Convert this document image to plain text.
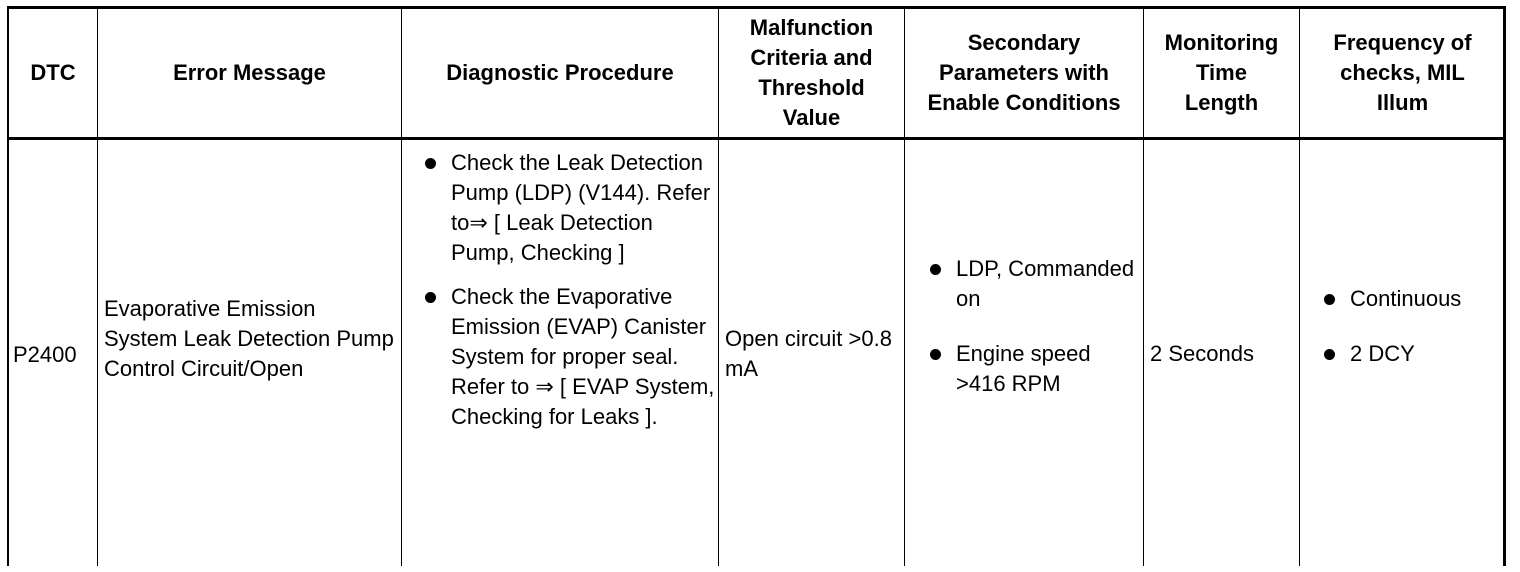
DTC	Error Message	Diagnostic Procedure
Malfunction Criteria and Threshold Value
Secondary Parameters with Enable Conditions
Monitoring Time Length
Frequency of checks, MIL Illum
P2400
Evaporative Emission System Leak Detection Pump Control Circuit/Open
Check the Leak Detection Pump (LDP) (V144). Refer to⇒ [ Leak Detection Pump, Checking ]
Check the Evaporative Emission (EVAP) Canister System for proper seal. Refer to ⇒ [ EVAP System, Checking for Leaks ].
Open circuit >0.8 mA
LDP, Commanded on
Engine speed >416 RPM
2 Seconds
Continuous
2 DCY
